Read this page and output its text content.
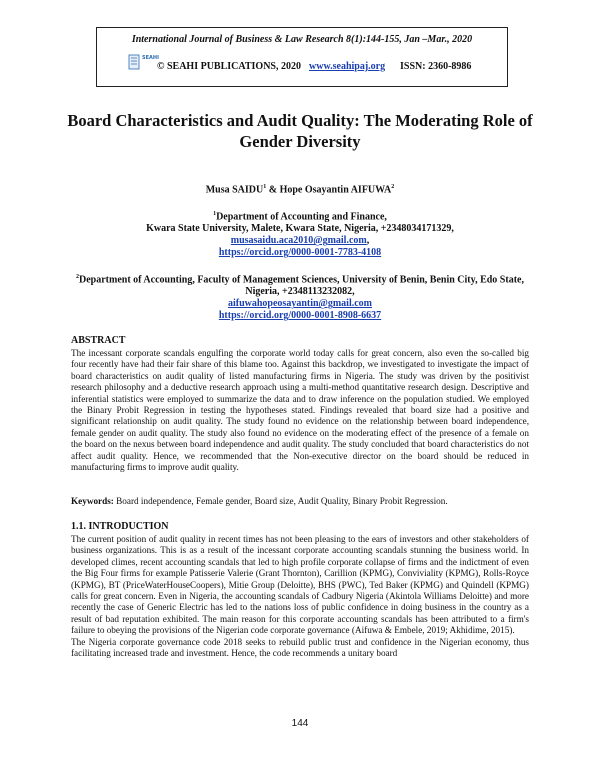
International Journal of Business & Law Research 8(1):144-155, Jan –Mar., 2020
SEAHI
© SEAHI PUBLICATIONS, 2020 www.seahipaj.org ISSN: 2360-8986
Board Characteristics and Audit Quality: The Moderating Role of Gender Diversity
Musa SAIDU$^1$ & Hope Osayantin AIFUWA$^2$
$^1$Department of Accounting and Finance,
Kwara State University, Malete, Kwara State, Nigeria, +2348034171329,
musasaidu.aca2010@gmail.com,
https://orcid.org/0000-0001-7783-4108
$^2$Department of Accounting, Faculty of Management Sciences, University of Benin, Benin City, Edo State, Nigeria, +2348113232082,
aifuwahopeosayantin@gmail.com
https://orcid.org/0000-0001-8908-6637
ABSTRACT
The incessant corporate scandals engulfing the corporate world today calls for great concern, also even the so-called big four recently have had their fair share of this blame too. Against this backdrop, we investigated to investigate the impact of board characteristics on audit quality of listed manufacturing firms in Nigeria. The study was driven by the positivist research philosophy and a deductive research approach using a multi-method quantitative research design. Descriptive and inferential statistics were employed to summarize the data and to draw inference on the population studied. We employed the Binary Probit Regression in testing the hypotheses stated. Findings revealed that board size had a positive and significant relationship on audit quality. The study found no evidence on the relationship between board independence, female gender on audit quality. The study also found no evidence on the moderating effect of the presence of a female on the board on the nexus between board independence and audit quality. The study concluded that board characteristics do not affect audit quality. Hence, we recommended that the Non-executive director on the board should be reduced in manufacturing firms to improve audit quality.
Keywords: Board independence, Female gender, Board size, Audit Quality, Binary Probit Regression.
1.1. INTRODUCTION
The current position of audit quality in recent times has not been pleasing to the ears of investors and other stakeholders of business organizations. This is as a result of the incessant corporate accounting scandals stunning the business world. In developed climes, recent accounting scandals that led to high profile corporate collapse of firms and the indictment of even the Big Four firms for example Patisserie Valerie (Grant Thornton), Carillion (KPMG), Conviviality (KPMG), Rolls-Royce (KPMG), BT (PriceWaterHouseCoopers), Mitie Group (Deloitte), BHS (PWC), Ted Baker (KPMG) and Quindell (KPMG) calls for great concern. Even in Nigeria, the accounting scandals of Cadbury Nigeria (Akintola Williams Deloitte) and more recently the case of Generic Electric has led to the nations loss of public confidence in doing business in the country as a result of bad reputation exhibited. The main reason for this corporate accounting scandals has been attributed to a firm's failure to obeying the provisions of the Nigerian code corporate governance (Aifuwa & Embele, 2019; Akhidime, 2015).
The Nigeria corporate governance code 2018 seeks to rebuild public trust and confidence in the Nigerian economy, thus facilitating increased trade and investment. Hence, the code recommends a unitary board
144
